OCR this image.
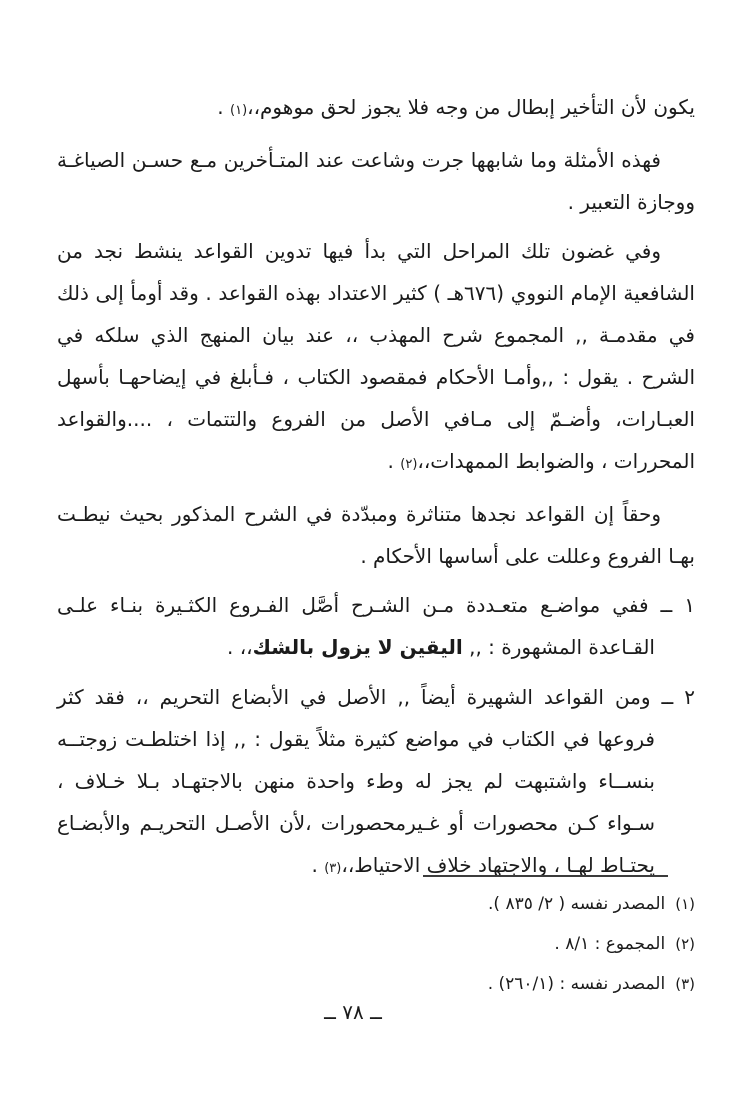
يكون لأن التأخير إبطال من وجه فلا يجوز لحق موهوم،،(١) .

فهذه الأمثلة وما شابهها جرت وشاعت عند المتـأخرين مـع حسـن الصياغـة ووجازة التعبير .

وفي غضون تلك المراحل التي بدأ فيها تدوين القواعد ينشط نجد من الشافعية الإمام النووي (٦٧٦هـ ) كثير الاعتداد بهذه القواعد . وقد أومأ إلى ذلك في مقدمـة ,, المجموع شرح المهذب ،، عند بيان المنهج الذي سلكه في الشرح . يقول : ,,وأمـا الأحكام فمقصود الكتاب ، فـأبلغ في إيضاحهـا بأسهل العبـارات، وأضـمّ إلى مـافي الأصل من الفروع والتتمات ، ....والقواعد المحررات ، والضوابط الممهدات،،(٢) .

وحقاً إن القواعد نجدها متناثرة ومبدّدة في الشرح المذكور بحيث نيطـت بهـا الفروع وعللت على أساسها الأحكام .

١ ــ ففي مواضـع متعـددة مـن الشـرح أصَّل الفـروع الكثـيرة بنـاء علـى القـاعدة المشهورة : ,, اليقين لا يزول بالشك،، .

٢ ــ ومن القواعد الشهيرة أيضاً ,, الأصل في الأبضاع التحريم ،، فقد كثر فروعها في الكتاب في مواضع كثيرة مثلاً يقول : ,, إذا اختلطـت زوجتــه بنســاء واشتبهت لم يجز له وطء واحدة منهن بالاجتهـاد بـلا خـلاف ، سـواء كـن محصورات أو غـيرمحصورات ،لأن الأصـل التحريـم والأبضـاع يحتـاط لهـا ، والاجتهاد خلاف الاحتياط،،(٣) .

(١)المصدر نفسه ( ٢/ ٨٣٥ ).

(٢)المجموع : ٨/١ .

(٣)المصدر نفسه : (٢٦٠/١) .

ــ ٧٨ ــ
